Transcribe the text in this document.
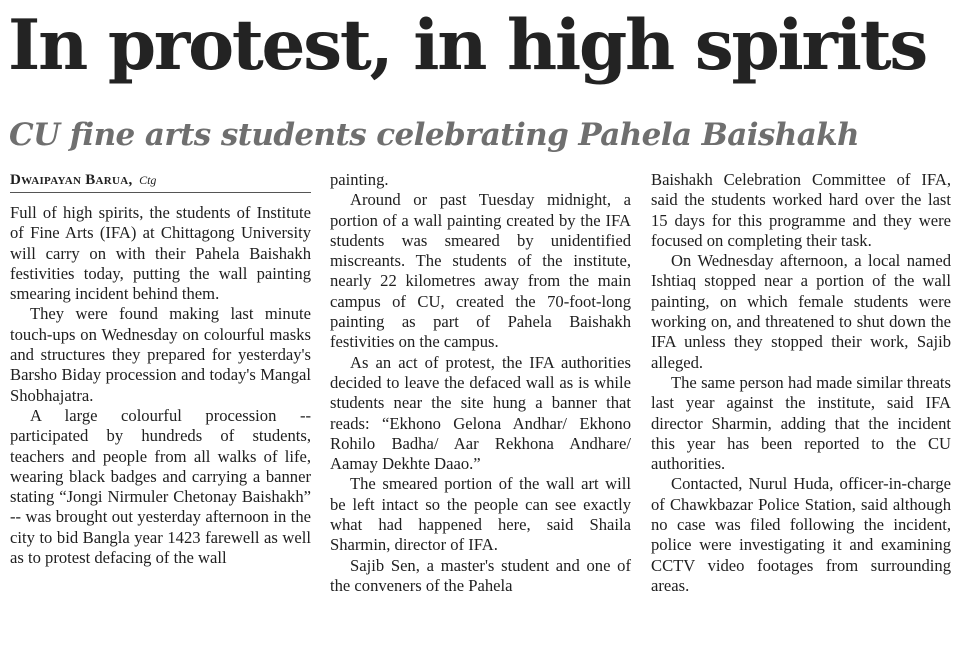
In protest, in high spirits
CU fine arts students celebrating Pahela Baishakh
Dwaipayan Barua, Ctg

Full of high spirits, the students of Institute of Fine Arts (IFA) at Chittagong University will carry on with their Pahela Baishakh festivities today, putting the wall painting smearing incident behind them.

They were found making last minute touch-ups on Wednesday on colourful masks and structures they prepared for yesterday's Barsho Biday procession and today's Mangal Shobhajatra.

A large colourful procession -- participated by hundreds of students, teachers and people from all walks of life, wearing black badges and carrying a banner stating “Jongi Nirmuler Chetonay Baishakh” -- was brought out yesterday afternoon in the city to bid Bangla year 1423 farewell as well as to protest defacing of the wall

painting.

Around or past Tuesday midnight, a portion of a wall painting created by the IFA students was smeared by unidentified miscreants. The students of the institute, nearly 22 kilometres away from the main campus of CU, created the 70-foot-long painting as part of Pahela Baishakh festivities on the campus.

As an act of protest, the IFA authorities decided to leave the defaced wall as is while students near the site hung a banner that reads: “Ekhono Gelona Andhar/ Ekhono Rohilo Badha/ Aar Rekhona Andhare/ Aamay Dekhte Daao.”

The smeared portion of the wall art will be left intact so the people can see exactly what had happened here, said Shaila Sharmin, director of IFA.

Sajib Sen, a master's student and one of the conveners of the Pahela

Baishakh Celebration Committee of IFA, said the students worked hard over the last 15 days for this programme and they were focused on completing their task.

On Wednesday afternoon, a local named Ishtiaq stopped near a portion of the wall painting, on which female students were working on, and threatened to shut down the IFA unless they stopped their work, Sajib alleged.

The same person had made similar threats last year against the institute, said IFA director Sharmin, adding that the incident this year has been reported to the CU authorities.

Contacted, Nurul Huda, officer-in-charge of Chawkbazar Police Station, said although no case was filed following the incident, police were investigating it and examining CCTV video footages from surrounding areas.
